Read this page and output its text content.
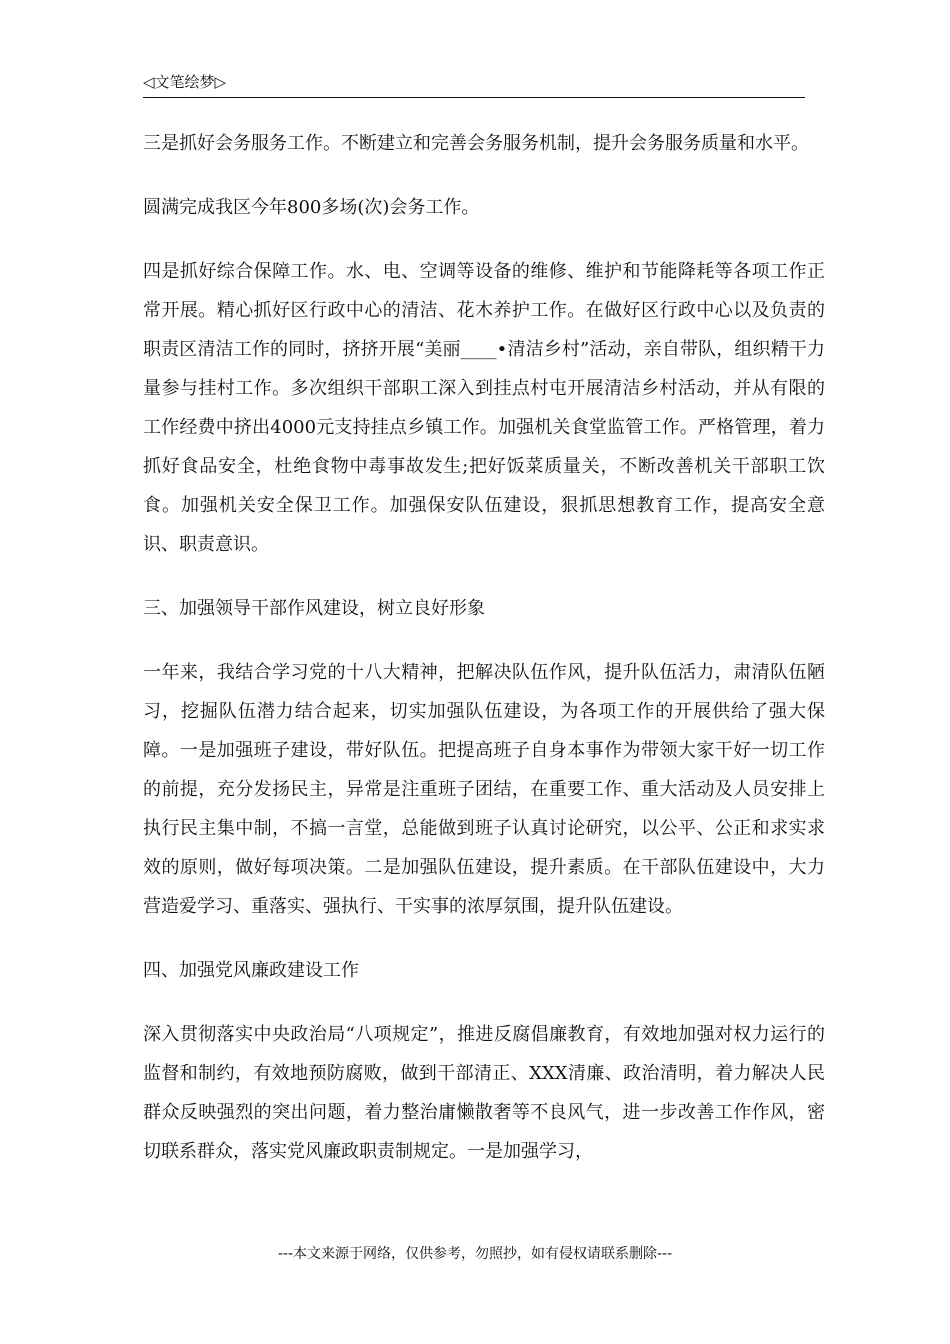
◁文笔绘梦▷

三是抓好会务服务工作。不断建立和完善会务服务机制，提升会务服务质量和水平。

圆满完成我区今年800多场(次)会务工作。

四是抓好综合保障工作。水、电、空调等设备的维修、维护和节能降耗等各项工作正常开展。精心抓好区行政中心的清洁、花木养护工作。在做好区行政中心以及负责的职责区清洁工作的同时，挤挤开展“美丽____•清洁乡村”活动，亲自带队，组织精干力量参与挂村工作。多次组织干部职工深入到挂点村屯开展清洁乡村活动，并从有限的工作经费中挤出4000元支持挂点乡镇工作。加强机关食堂监管工作。严格管理，着力抓好食品安全，杜绝食物中毒事故发生;把好饭菜质量关，不断改善机关干部职工饮食。加强机关安全保卫工作。加强保安队伍建设，狠抓思想教育工作，提高安全意识、职责意识。

三、加强领导干部作风建设，树立良好形象

一年来，我结合学习党的十八大精神，把解决队伍作风，提升队伍活力，肃清队伍陋习，挖掘队伍潜力结合起来，切实加强队伍建设，为各项工作的开展供给了强大保障。一是加强班子建设，带好队伍。把提高班子自身本事作为带领大家干好一切工作的前提，充分发扬民主，异常是注重班子团结，在重要工作、重大活动及人员安排上执行民主集中制，不搞一言堂，总能做到班子认真讨论研究，以公平、公正和求实求效的原则，做好每项决策。二是加强队伍建设，提升素质。在干部队伍建设中，大力营造爱学习、重落实、强执行、干实事的浓厚氛围，提升队伍建设。

四、加强党风廉政建设工作

深入贯彻落实中央政治局“八项规定”，推进反腐倡廉教育，有效地加强对权力运行的监督和制约，有效地预防腐败，做到干部清正、XXX清廉、政治清明，着力解决人民群众反映强烈的突出问题，着力整治庸懒散奢等不良风气，进一步改善工作作风，密切联系群众，落实党风廉政职责制规定。一是加强学习，

---本文来源于网络，仅供参考，勿照抄，如有侵权请联系删除---
